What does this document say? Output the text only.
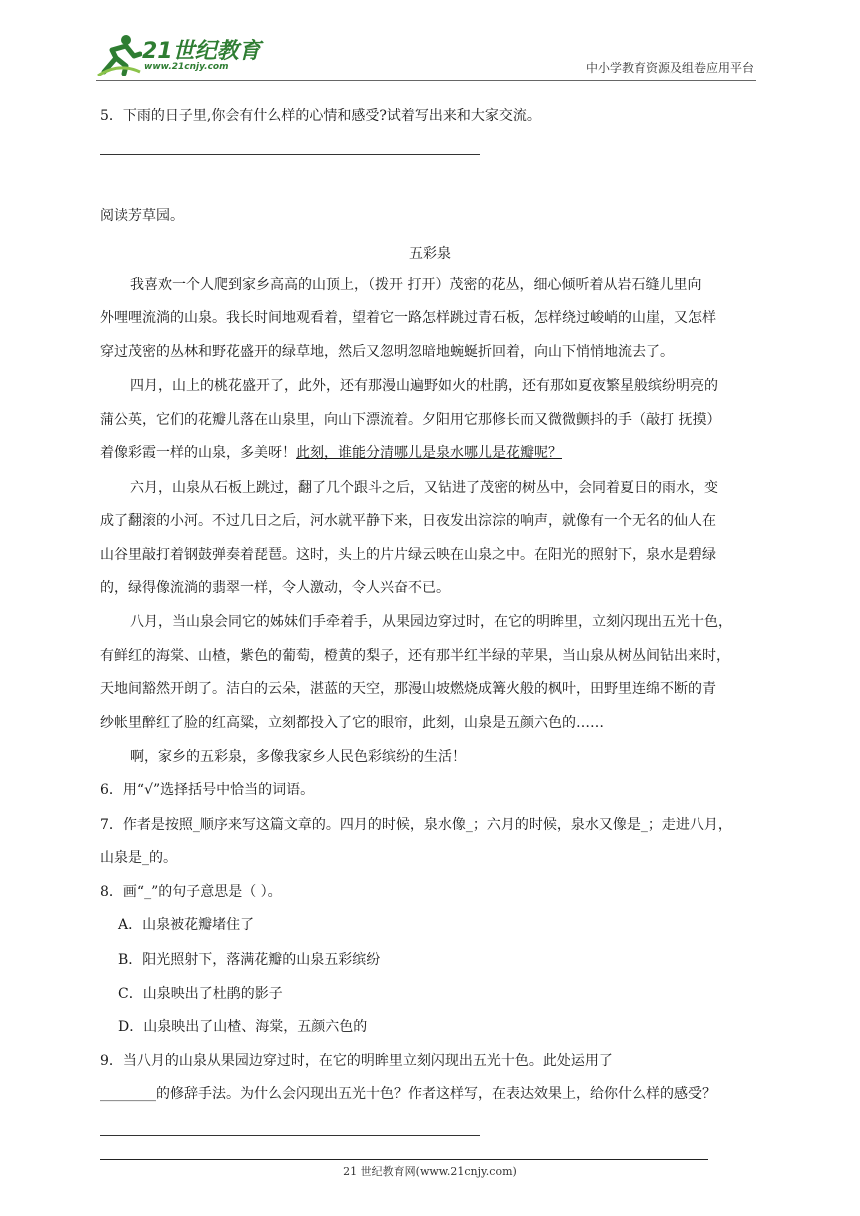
21世纪教育
www.21cnjy.com	中小学教育资源及组卷应用平台
5．下雨的日子里,你会有什么样的心情和感受?试着写出来和大家交流。
阅读芳草园。
五彩泉
我喜欢一个人爬到家乡高高的山顶上，（拨开 打开）茂密的花丛，细心倾听着从岩石缝儿里向
外哩哩流淌的山泉。我长时间地观看着，望着它一路怎样跳过青石板，怎样绕过峻峭的山崖，又怎样
穿过茂密的丛林和野花盛开的绿草地，然后又忽明忽暗地蜿蜒折回着，向山下悄悄地流去了。
四月，山上的桃花盛开了，此外，还有那漫山遍野如火的杜鹃，还有那如夏夜繁星般缤纷明亮的
蒲公英，它们的花瓣儿落在山泉里，向山下漂流着。夕阳用它那修长而又微微颤抖的手（敲打 抚摸）
着像彩霞一样的山泉，多美呀！此刻，谁能分清哪儿是泉水哪儿是花瓣呢？
六月，山泉从石板上跳过，翻了几个跟斗之后，又钻进了茂密的树丛中，会同着夏日的雨水，变
成了翻滚的小河。不过几日之后，河水就平静下来，日夜发出淙淙的响声，就像有一个无名的仙人在
山谷里敲打着钢鼓弹奏着琵琶。这时，头上的片片绿云映在山泉之中。在阳光的照射下，泉水是碧绿
的，绿得像流淌的翡翠一样，令人激动，令人兴奋不已。
八月，当山泉会同它的姊妹们手牵着手，从果园边穿过时，在它的明眸里，立刻闪现出五光十色，
有鲜红的海棠、山楂，紫色的葡萄，橙黄的梨子，还有那半红半绿的苹果，当山泉从树丛间钻出来时，
天地间豁然开朗了。洁白的云朵，湛蓝的天空，那漫山坡燃烧成篝火般的枫叶，田野里连绵不断的青
纱帐里醉红了脸的红高粱，立刻都投入了它的眼帘，此刻，山泉是五颜六色的……
啊，家乡的五彩泉，多像我家乡人民色彩缤纷的生活！
6．用“√”选择括号中恰当的词语。
7．作者是按照_顺序来写这篇文章的。四月的时候，泉水像_；六月的时候，泉水又像是_；走进八月，
山泉是_的。
8．画“_”的句子意思是（ ）。
A．山泉被花瓣堵住了
B．阳光照射下，落满花瓣的山泉五彩缤纷
C．山泉映出了杜鹃的影子
D．山泉映出了山楂、海棠，五颜六色的
9．当八月的山泉从果园边穿过时，在它的明眸里立刻闪现出五光十色。此处运用了
________的修辞手法。为什么会闪现出五光十色？作者这样写，在表达效果上，给你什么样的感受？
21 世纪教育网(www.21cnjy.com)
